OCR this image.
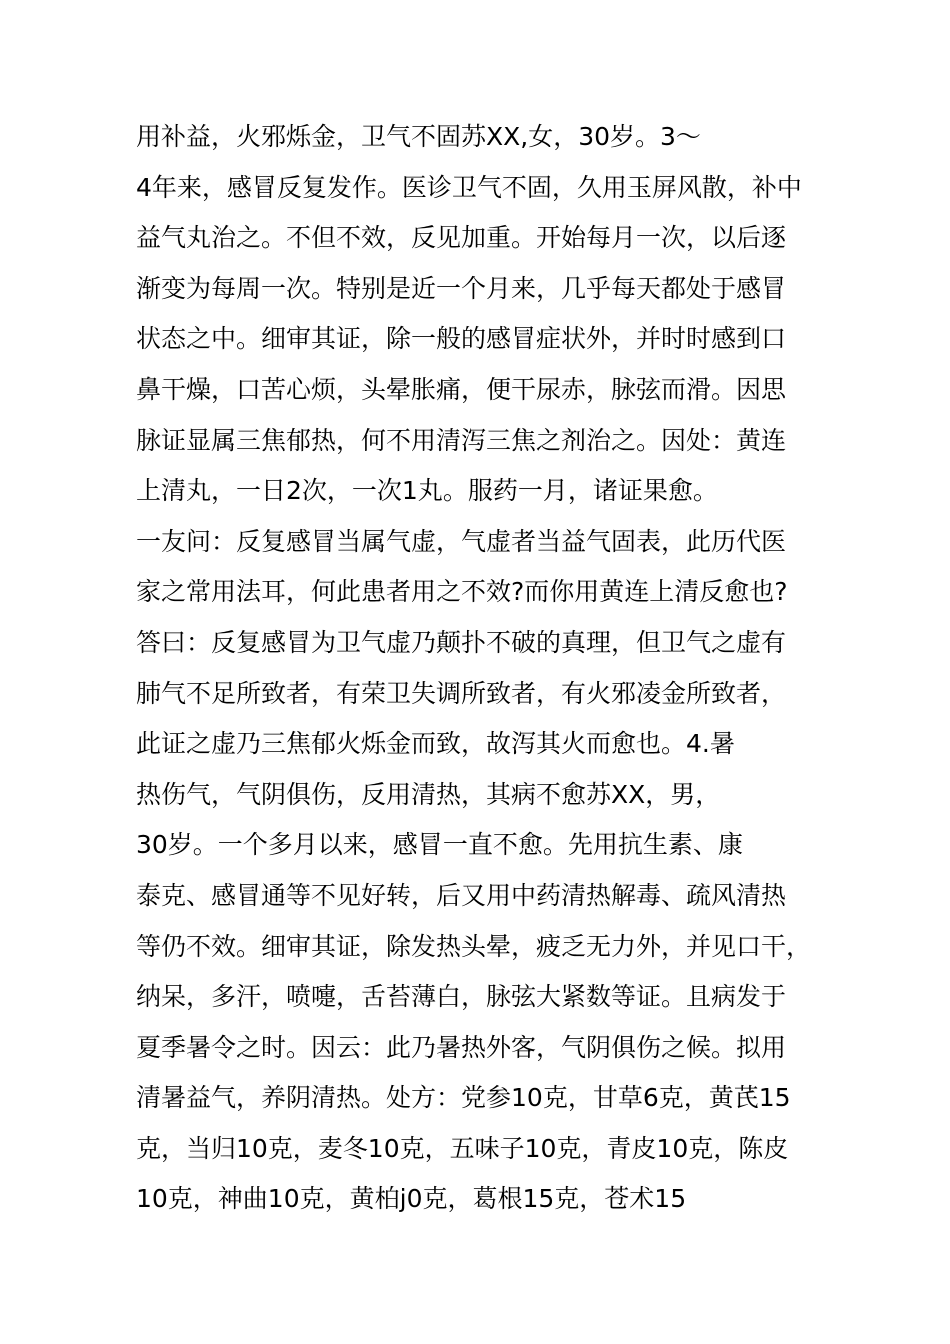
用补益，火邪烁金，卫气不固苏XX,女，30岁。3〜
4年来，感冒反复发作。医诊卫气不固，久用玉屏风散，补中
益气丸治之。不但不效，反见加重。开始每月一次，以后逐
渐变为每周一次。特别是近一个月来，几乎每天都处于感冒
状态之中。细审其证，除一般的感冒症状外，并时时感到口
鼻干燥，口苦心烦，头晕胀痛，便干尿赤，脉弦而滑。因思
脉证显属三焦郁热，何不用清泻三焦之剂治之。因处：黄连
上清丸，一日2次，一次1丸。服药一月，诸证果愈。
一友问：反复感冒当属气虚，气虚者当益气固表，此历代医
家之常用法耳，何此患者用之不效?而你用黄连上清反愈也?
答曰：反复感冒为卫气虚乃颠扑不破的真理，但卫气之虚有
肺气不足所致者，有荣卫失调所致者，有火邪凌金所致者，
此证之虚乃三焦郁火烁金而致，故泻其火而愈也。4.暑
热伤气，气阴俱伤，反用清热，其病不愈苏XX，男，
30岁。一个多月以来，感冒一直不愈。先用抗生素、康
泰克、感冒通等不见好转，后又用中药清热解毒、疏风清热
等仍不效。细审其证，除发热头晕，疲乏无力外，并见口干，
纳呆，多汗，喷嚏，舌苔薄白，脉弦大紧数等证。且病发于
夏季暑令之时。因云：此乃暑热外客，气阴俱伤之候。拟用
清暑益气，养阴清热。处方：党参10克，甘草6克，黄芪15
克，当归10克，麦冬10克，五味子10克，青皮10克，陈皮
10克，神曲10克，黄柏j0克，葛根15克，苍术15
